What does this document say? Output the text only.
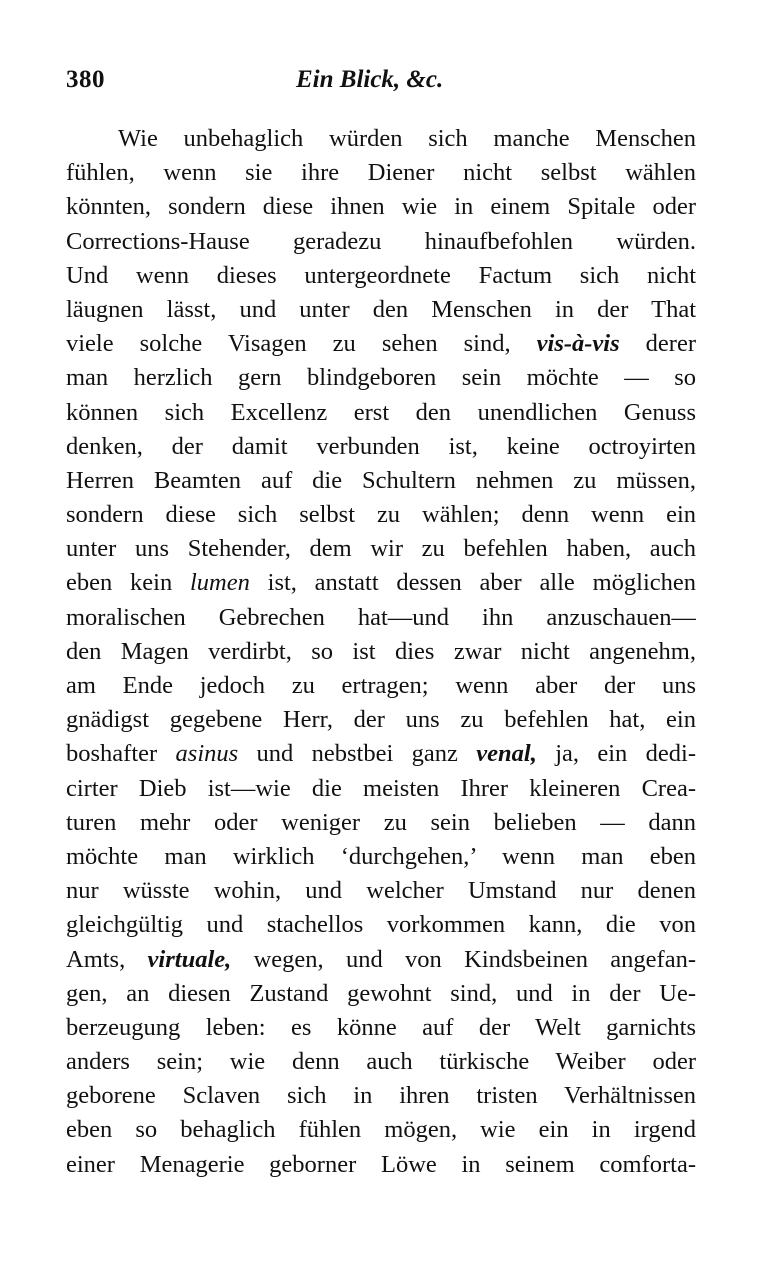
380	Ein Blick, &c.
Wie unbehaglich würden sich manche Menschen
fühlen, wenn sie ihre Diener nicht selbst wählen
könnten, sondern diese ihnen wie in einem Spitale oder
Corrections-Hause geradezu hinaufbefohlen würden.
Und wenn dieses untergeordnete Factum sich nicht
läugnen lässt, und unter den Menschen in der That
viele solche Visagen zu sehen sind, vis-à-vis derer
man herzlich gern blindgeboren sein möchte — so
können sich Excellenz erst den unendlichen Genuss
denken, der damit verbunden ist, keine octroyirten
Herren Beamten auf die Schultern nehmen zu müssen,
sondern diese sich selbst zu wählen; denn wenn ein
unter uns Stehender, dem wir zu befehlen haben, auch
eben kein lumen ist, anstatt dessen aber alle möglichen
moralischen Gebrechen hat—und ihn anzuschauen—
den Magen verdirbt, so ist dies zwar nicht angenehm,
am Ende jedoch zu ertragen; wenn aber der uns
gnädigst gegebene Herr, der uns zu befehlen hat, ein
boshafter asinus und nebstbei ganz venal, ja, ein dedi-
cirter Dieb ist—wie die meisten Ihrer kleineren Crea-
turen mehr oder weniger zu sein belieben — dann
möchte man wirklich ‘durchgehen,’ wenn man eben
nur wüsste wohin, und welcher Umstand nur denen
gleichgültig und stachellos vorkommen kann, die von
Amts, virtuale, wegen, und von Kindsbeinen angefan-
gen, an diesen Zustand gewohnt sind, und in der Ue-
berzeugung leben: es könne auf der Welt garnichts
anders sein; wie denn auch türkische Weiber oder
geborene Sclaven sich in ihren tristen Verhältnissen
eben so behaglich fühlen mögen, wie ein in irgend
einer Menagerie geborner Löwe in seinem comforta-
